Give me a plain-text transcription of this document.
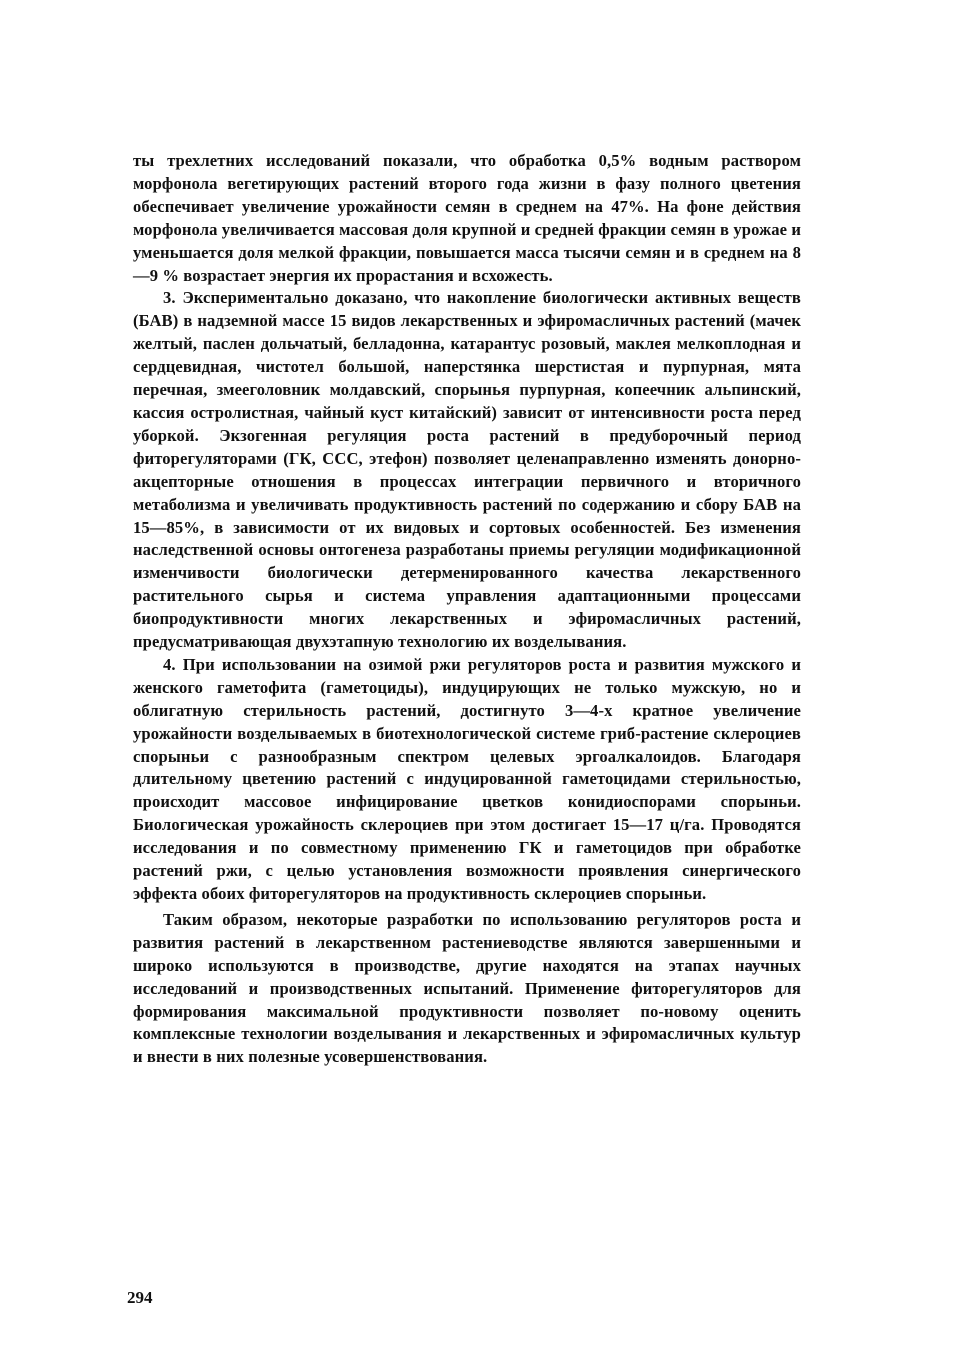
ты трехлетних исследований показали, что обработка 0,5% водным раствором морфонола вегетирующих растений второго года жизни в фазу полного цветения обеспечивает увеличение урожайности семян в среднем на 47%. На фоне действия морфонола увеличивается массовая доля крупной и средней фракции семян в урожае и уменьшается доля мелкой фракции, повышается масса тысячи семян и в среднем на 8—9 % возрастает энергия их прорастания и всхожесть.

3. Экспериментально доказано, что накопление биологически активных веществ (БАВ) в надземной массе 15 видов лекарственных и эфиромасличных растений (мачек желтый, паслен дольчатый, белладонна, катарантус розовый, маклея мелкоплодная и сердцевидная, чистотел большой, наперстянка шерстистая и пурпурная, мята перечная, змееголовник молдавский, спорынья пурпурная, копеечник альпинский, кассия остролистная, чайный куст китайский) зависит от интенсивности роста перед уборкой. Экзогенная регуляция роста растений в предуборочный период фиторегуляторами (ГК, ССС, этефон) позволяет целенаправленно изменять донорно-акцепторные отношения в процессах интеграции первичного и вторичного метаболизма и увеличивать продуктивность растений по содержанию и сбору БАВ на 15—85%, в зависимости от их видовых и сортовых особенностей. Без изменения наследственной основы онтогенеза разработаны приемы регуляции модификационной изменчивости биологически детерменированного качества лекарственного растительного сырья и система управления адаптационными процессами биопродуктивности многих лекарственных и эфиромасличных растений, предусматривающая двухэтапную технологию их возделывания.

4. При использовании на озимой ржи регуляторов роста и развития мужского и женского гаметофита (гаметоциды), индуцирующих не только мужскую, но и облигатную стерильность растений, достигнуто 3—4-х кратное увеличение урожайности возделываемых в биотехнологической системе гриб-растение склероциев спорыньи с разнообразным спектром целевых эргоалкалоидов. Благодаря длительному цветению растений с индуцированной гаметоцидами стерильностью, происходит массовое инфицирование цветков конидиоспорами спорыньи. Биологическая урожайность склероциев при этом достигает 15—17 ц/га. Проводятся исследования и по совместному применению ГК и гаметоцидов при обработке растений ржи, с целью установления возможности проявления синергического эффекта обоих фиторегуляторов на продуктивность склероциев спорыньи.

Таким образом, некоторые разработки по использованию регуляторов роста и развития растений в лекарственном растениеводстве являются завершенными и широко используются в производстве, другие находятся на этапах научных исследований и производственных испытаний. Применение фиторегуляторов для формирования максимальной продуктивности позволяет по-новому оценить комплексные технологии возделывания и лекарственных и эфиромасличных культур и внести в них полезные усовершенствования.

294
